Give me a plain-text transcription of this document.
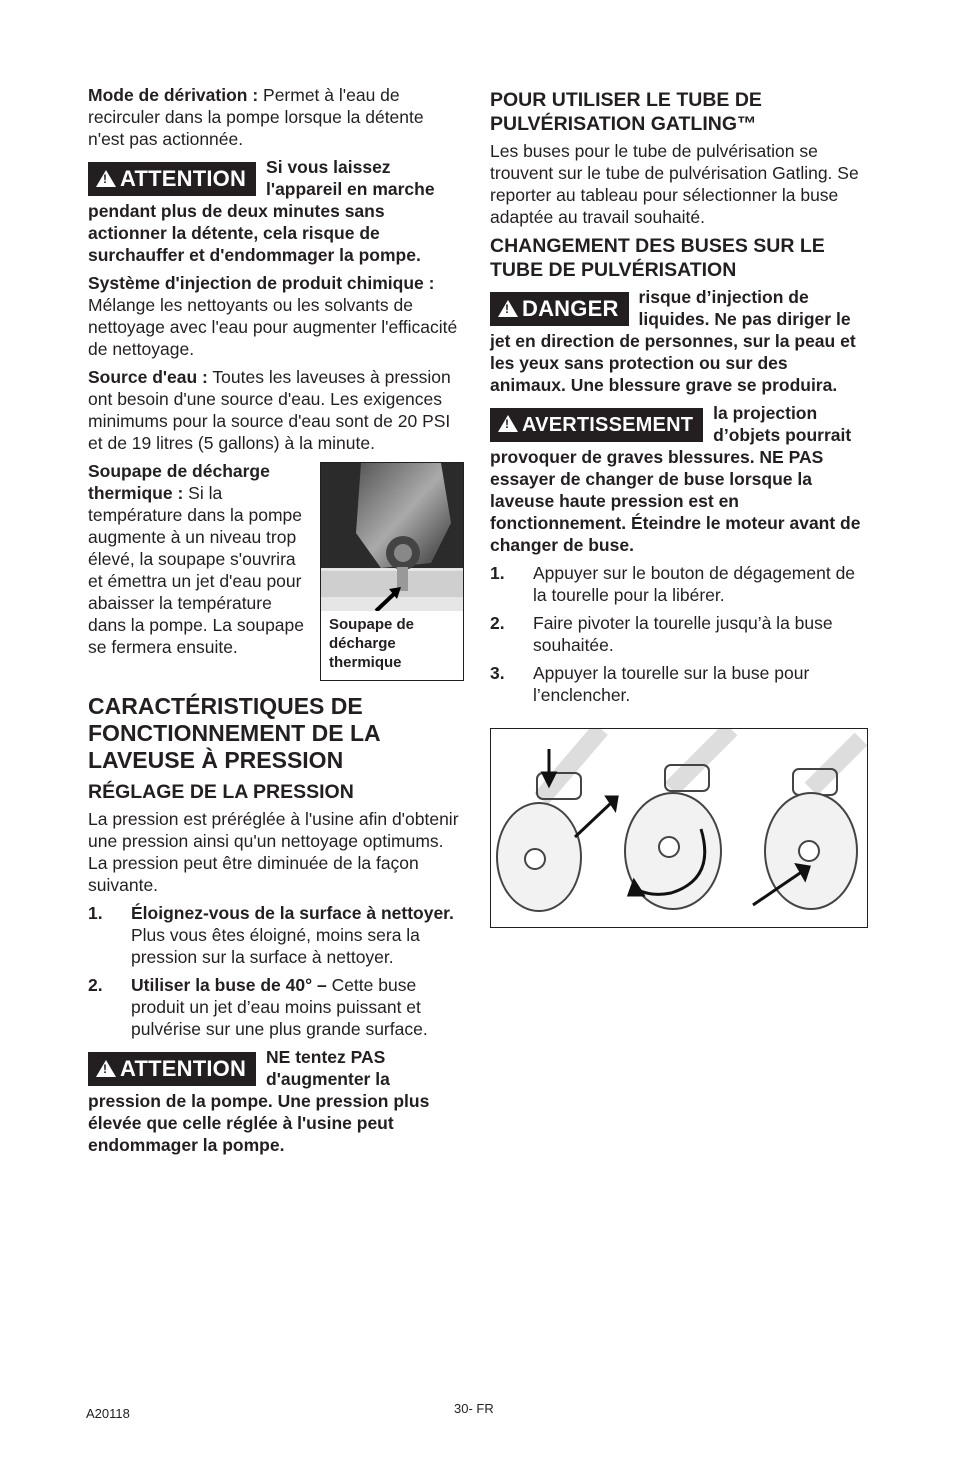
Mode de dérivation : Permet à l'eau de recirculer dans la pompe lorsque la détente n'est pas actionnée.

!ATTENTION	Si vous laissez l'appareil en marche pendant plus de deux minutes sans actionner la détente, cela risque de surchauffer et d'endommager la pompe.

Système d'injection de produit chimique : Mélange les nettoyants ou les solvants de nettoyage avec l'eau pour augmenter l'efficacité de nettoyage.

Source d'eau : Toutes les laveuses à pression ont besoin d'une source d'eau. Les exigences minimums pour la source d'eau sont de 20 PSI et de 19 litres (5 gallons) à la minute.

Soupape de décharge thermique

Soupape de décharge thermique : Si la température dans la pompe augmente à un niveau trop élevé, la soupape s'ouvrira et émettra un jet d'eau pour abaisser la température dans la pompe. La soupape se fermera ensuite.

CARACTÉRISTIQUES DE FONCTIONNEMENT DE LA LAVEUSE À PRESSION
RÉGLAGE DE LA PRESSION

La pression est préréglée à l'usine afin d'obtenir une pression ainsi qu'un nettoyage optimums. La pression peut être diminuée de la façon suivante.

1. Éloignez-vous de la surface à nettoyer. Plus vous êtes éloigné, moins sera la pression sur la surface à nettoyer.
2. Utiliser la buse de 40° – Cette buse produit un jet d’eau moins puissant et pulvérise sur une plus grande surface.
!ATTENTION	NE tentez PAS d'augmenter la pression de la pompe. Une pression plus élevée que celle réglée à l'usine peut endommager la pompe.

POUR UTILISER LE TUBE DE PULVÉRISATION GATLING™

Les buses pour le tube de pulvérisation se trouvent sur le tube de pulvérisation Gatling. Se reporter au tableau pour sélectionner la buse adaptée au travail souhaité.

CHANGEMENT DES BUSES SUR LE TUBE DE PULVÉRISATION
!DANGER	risque d’injection de liquides. Ne pas diriger le jet en direction de personnes, sur la peau et les yeux sans protection ou sur des animaux. Une blessure grave se produira.

!AVERTISSEMENT

la projection d’objets pourrait provoquer de graves blessures. NE PAS essayer de changer de buse lorsque la laveuse haute pression est en fonctionnement. Éteindre le moteur avant de changer de buse.

1. Appuyer sur le bouton de dégagement de la tourelle pour la libérer.
2. Faire pivoter la tourelle jusqu’à la buse souhaitée.
3. Appuyer la tourelle sur la buse pour l’enclencher.
A20118	30- FR
